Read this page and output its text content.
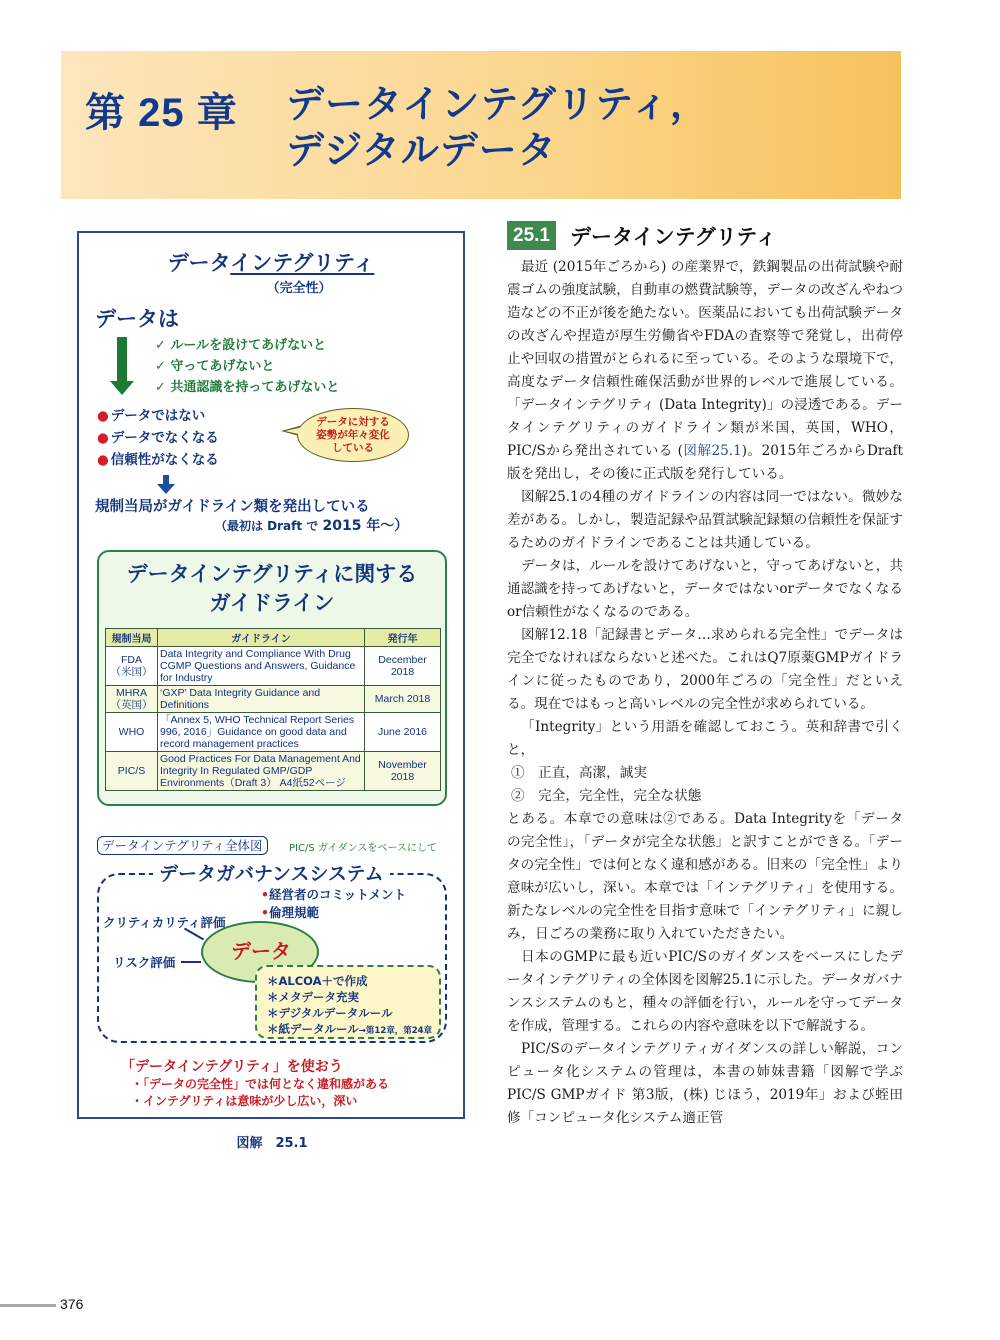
第 25 章 データインテグリティ，
デジタルデータ
データインテグリティ
（完全性）
データは
✓ ルールを設けてあげないと
✓ 守ってあげないと
✓ 共通認識を持ってあげないと
● データではない
● データでなくなる
● 信頼性がなくなる
データに対する
姿勢が年々変化
している
規制当局がガイドライン類を発出している
（最初は Draft で 2015 年〜）
データインテグリティに関する
ガイドライン
規制当局	ガイドライン	発行年

FDA
（米国）	Data Integrity and Compliance With Drug CGMP Questions and Answers, Guidance for Industry	December 2018

MHRA
（英国）	‘GXP’ Data Integrity Guidance and Definitions	March 2018

WHO	「Annex 5, WHO Technical Report Series 996, 2016」Guidance on good data and record management practices	June 2016

PIC/S	Good Practices For Data Management And Integrity In Regulated GMP/GDP Environments（Draft 3） A4紙52ページ	November 2018
データインテグリティ全体図	PIC/S ガイダンスをベースにして
データガバナンスシステム
•経営者のコミットメント
•倫理規範
クリティカリティ評価
リスク評価	データ
＊ALCOA＋で作成
＊メタデータ充実
＊デジタルデータルール
＊紙データルール→第12章，第24章
「データインテグリティ」を使おう
・「データの完全性」では何となく違和感がある
・インテグリティは意味が少し広い，深い
図解　25.1
25.1 データインテグリティ

最近 (2015年ごろから) の産業界で，鉄鋼製品の出荷試験や耐震ゴムの強度試験，自動車の燃費試験等，データの改ざんやねつ造などの不正が後を絶たない。医薬品においても出荷試験データの改ざんや捏造が厚生労働省やFDAの査察等で発覚し，出荷停止や回収の措置がとられるに至っている。そのような環境下で，高度なデータ信頼性確保活動が世界的レベルで進展している。「データインテグリティ (Data Integrity)」の浸透である。データインテグリティのガイドライン類が米国，英国，WHO，PIC/Sから発出されている (図解25.1)。2015年ごろからDraft版を発出し，その後に正式版を発行している。

図解25.1の4種のガイドラインの内容は同一ではない。微妙な差がある。しかし，製造記録や品質試験記録類の信頼性を保証するためのガイドラインであることは共通している。

データは，ルールを設けてあげないと，守ってあげないと，共通認識を持ってあげないと，データではないorデータでなくなるor信頼性がなくなるのである。

図解12.18「記録書とデータ…求められる完全性」でデータは完全でなければならないと述べた。これはQ7原薬GMPガイドラインに従ったものであり，2000年ごろの「完全性」だといえる。現在ではもっと高いレベルの完全性が求められている。

「Integrity」という用語を確認しておこう。英和辞書で引くと，

①　正直，高潔，誠実

②　完全，完全性，完全な状態

とある。本章での意味は②である。Data Integrityを「データの完全性」，「データが完全な状態」と訳すことができる。「データの完全性」では何となく違和感がある。旧来の「完全性」より意味が広いし，深い。本章では「インテグリティ」を使用する。新たなレベルの完全性を目指す意味で「インテグリティ」に親しみ，日ごろの業務に取り入れていただきたい。

日本のGMPに最も近いPIC/Sのガイダンスをベースにしたデータインテグリティの全体図を図解25.1に示した。データガバナンスシステムのもと，種々の評価を行い，ルールを守ってデータを作成，管理する。これらの内容や意味を以下で解説する。

PIC/Sのデータインテグリティガイダンスの詳しい解説，コンピュータ化システムの管理は，本書の姉妹書籍「図解で学ぶPIC/S GMPガイド 第3版，(株) じほう，2019年」および蛭田修「コンピュータ化システム適正管

376
